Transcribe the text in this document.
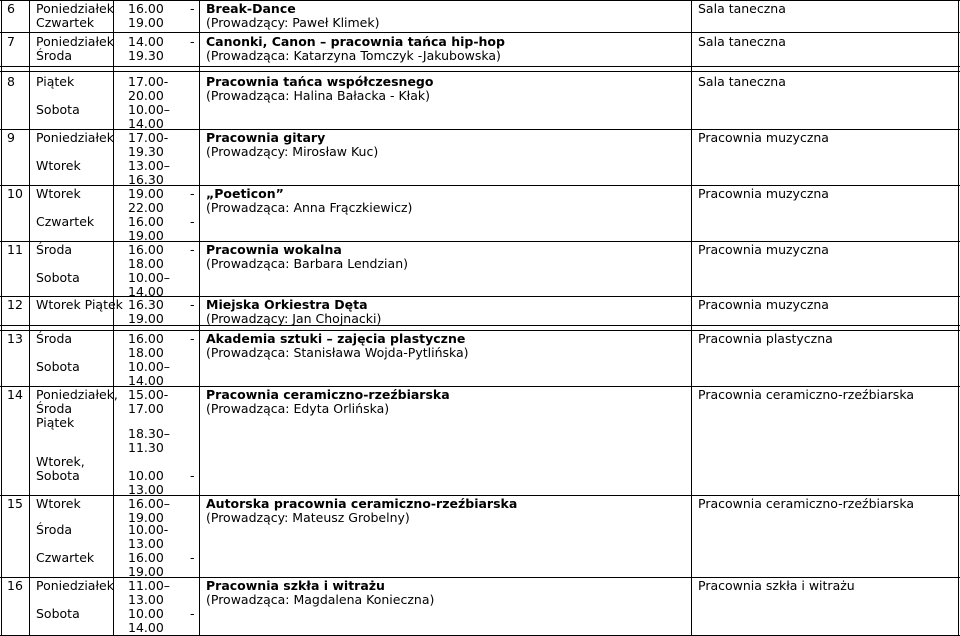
6 Poniedziałek
Czwartek
16.00
19.00
- Break-Dance
(Prowadzący: Paweł Klimek)
Sala taneczna
7 Poniedziałek
Środa
14.00
19.30
- Canonki, Canon – pracownia tańca hip-hop
(Prowadząca: Katarzyna Tomczyk -Jakubowska)
Sala taneczna
8 Piątek
Sobota
17.00-
20.00
10.00–
14.00
Pracownia tańca współczesnego
(Prowadząca: Halina Bałacka - Kłak)
Sala taneczna
9 Poniedziałek
Wtorek
17.00-
19.30
13.00–
16.30
Pracownia gitary
(Prowadzący: Mirosław Kuc)
Pracownia muzyczna
10 Wtorek
Czwartek
19.00
22.00
16.00
19.00
-
-
„Poeticon”
(Prowadząca: Anna Frączkiewicz)
Pracownia muzyczna
11 Środa
Sobota
16.00
18.00
10.00–
14.00
- Pracownia wokalna
(Prowadząca: Barbara Lendzian)
Pracownia muzyczna
12 Wtorek Piątek 16.30
19.00
- Miejska Orkiestra Dęta
(Prowadzący: Jan Chojnacki)
Pracownia muzyczna
13 Środa
Sobota
16.00
18.00
10.00–
14.00
- Akademia sztuki – zajęcia plastyczne
(Prowadząca: Stanisława Wojda-Pytlińska)
Pracownia plastyczna
14 Poniedziałek,
Środa
Piątek
Wtorek,
Sobota
15.00-
17.00
18.30–
11.30
10.00
13.00
-
Pracownia ceramiczno-rzeźbiarska
(Prowadząca: Edyta Orlińska)
Pracownia ceramiczno-rzeźbiarska
15 Wtorek
Środa
Czwartek
16.00–
19.00
10.00-
13.00
16.00
19.00
-
Autorska pracownia ceramiczno-rzeźbiarska
(Prowadzący: Mateusz Grobelny)
Pracownia ceramiczno-rzeźbiarska
16 Poniedziałek
Sobota
11.00–
13.00
10.00
14.00
-
Pracownia szkła i witrażu
(Prowadząca: Magdalena Konieczna)
Pracownia szkła i witrażu
